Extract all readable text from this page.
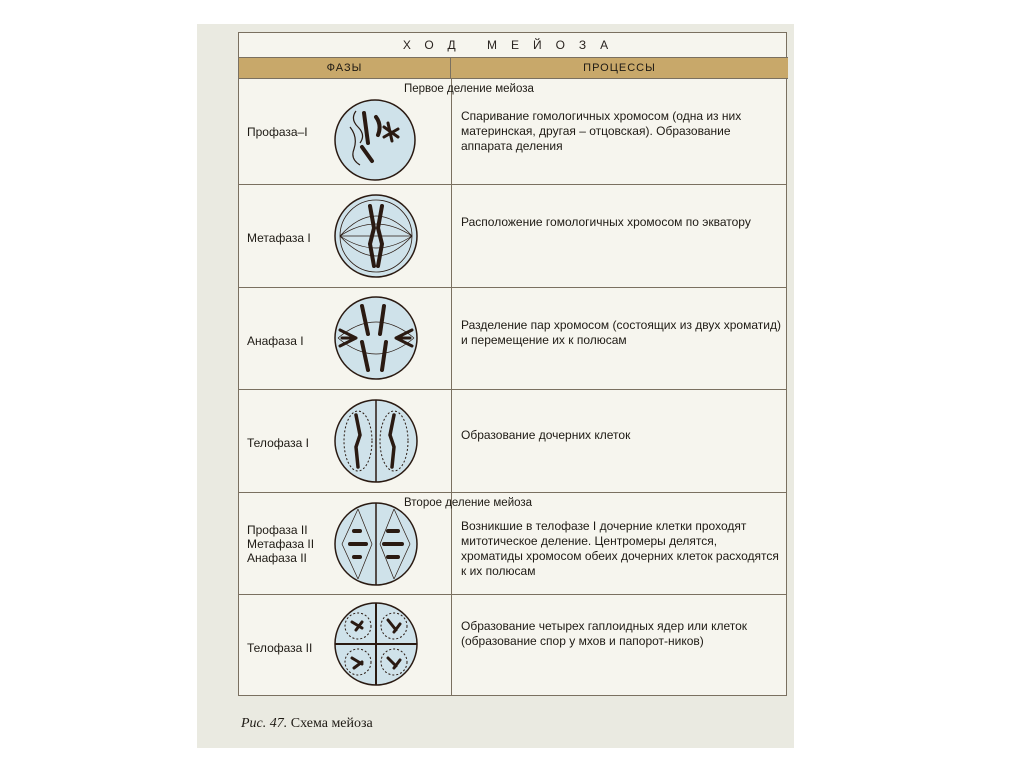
ХОД МЕЙОЗА
ФАЗЫ	ПРОЦЕССЫ
Первое деление мейоза
Второе деление мейоза
Профаза–I
Спаривание гомологичных хромосом (одна из них материнская, другая – отцовская). Образование аппарата деления
Метафаза I
Расположение гомологичных хромосом по экватору
Анафаза I
Разделение пар хромосом (состоящих из двух хроматид) и перемещение их к полюсам
Телофаза I
Образование дочерних клеток
Профаза II
Метафаза II
Анафаза II
Возникшие в телофазе I дочерние клетки проходят митотическое деление. Центромеры делятся, хроматиды хромосом обеих дочерних клеток расходятся к их полюсам
Телофаза II
Образование четырех гаплоидных ядер или клеток (образование спор у мхов и папорот-ников)
Рис. 47. Схема мейоза
